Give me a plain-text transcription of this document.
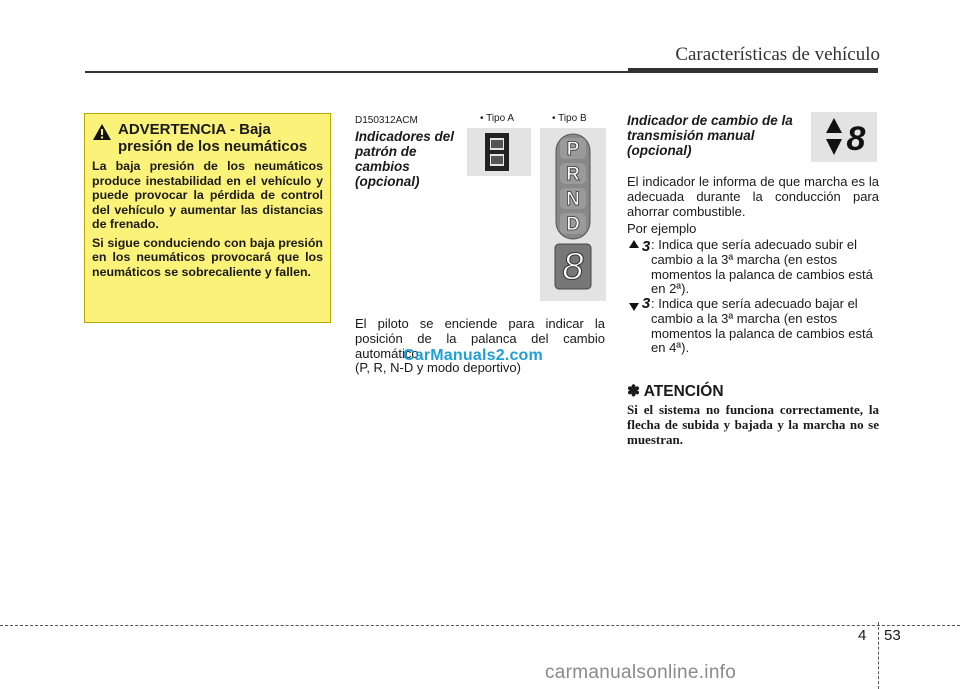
Características de vehículo
ADVERTENCIA - Baja
presión de los neumáticos

La baja presión de los neumáticos produce inestabilidad en el vehículo y puede provocar la pérdida de control del vehículo y aumentar las distancias de frenado.

Si sigue conduciendo con baja presión en los neumáticos provocará que los neumáticos se sobrecaliente y fallen.

D150312ACM
Indicadores del patrón de cambios (opcional)
• Tipo A	• Tipo B
8
P
R
N
D

El piloto se enciende para indicar la posición de la palanca del cambio automático.

(P, R, N-D y modo deportivo)

CarManuals2.com
Indicador de cambio de la transmisión manual (opcional)	8
El indicador le informa de que marcha es la adecuada durante la conducción para ahorrar combustible.
Por ejemplo
3 : Indica que sería adecuado subir el cambio a la 3ª marcha (en estos momentos la palanca de cambios está en 2ª).
3 : Indica que sería adecuado bajar el cambio a la 3ª marcha (en estos momentos la palanca de cambios está en 4ª).
✽ ATENCIÓN
Si el sistema no funciona correctamente, la flecha de subida y bajada y la marcha no se muestran.
4 53
carmanualsonline.info
